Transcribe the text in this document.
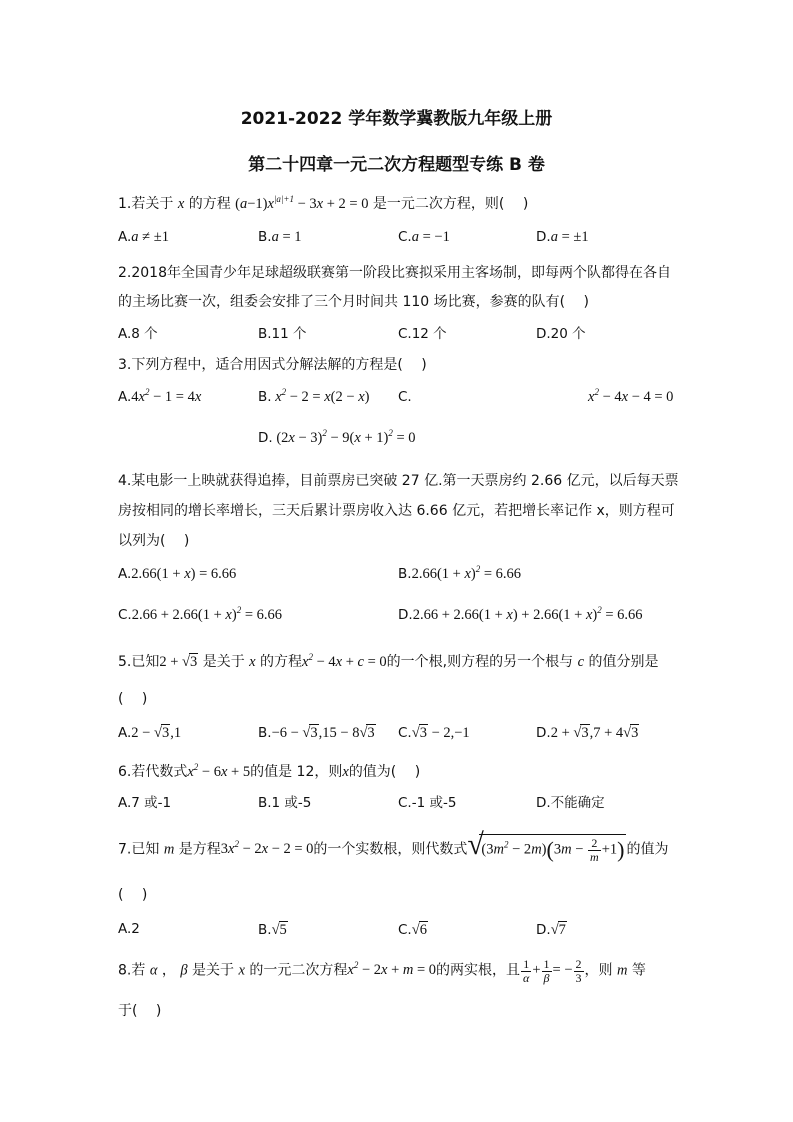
2021-2022 学年数学冀教版九年级上册
第二十四章一元二次方程题型专练 B 卷
1.若关于 x 的方程 $(a-1)x^{|a|+1} - 3x + 2 = 0$ 是一元二次方程，则(　 )
A.a ≠ ±1	B.a = 1	C.a = −1	D.a = ±1
2.2018年全国青少年足球超级联赛第一阶段比赛拟采用主客场制，即每两个队都得在各自
的主场比赛一次，组委会安排了三个月时间共 110 场比赛，参赛的队有(　 )
A.8 个	B.11 个	C.12 个	D.20 个
3.下列方程中，适合用因式分解法解的方程是(　 )
$A.4x^2 - 1 = 4x$	B. $x^2 - 2 = x(2 - x)$ C.	$x^2 - 4x - 4 = 0$
D. $(2x - 3)^2 - 9(x + 1)^2 = 0$
4.某电影一上映就获得追捧，目前票房已突破 27 亿.第一天票房约 2.66 亿元，以后每天票
房按相同的增长率增长，三天后累计票房收入达 6.66 亿元，若把增长率记作 x，则方程可
以列为(　 )
A.2.66(1 + x) = 6.66	$B.2.66(1 + x)^2 = 6.66$
$C.2.66 + 2.66(1 + x)^2 = 6.66$	$D.2.66 + 2.66(1 + x) + 2.66(1 + x)^2 = 6.66$
5.已知2 + √3 是关于 x 的方程$x^2 - 4x + c = 0$的一个根,则方程的另一个根与 c 的值分别是
(　 )
A.2 − √3,1	B.−6 − √3,15 − 8√3 C.√3 − 2,−1	D.2 + √3,7 + 4√3
6.若代数式$x^2 - 6x + 5$的值是 12，则x的值为(　 )
A.7 或-1	B.1 或-5	C.-1 或-5	D.不能确定
7.已知 m 是方程$3x^2 - 2x - 2 = 0$的一个实数根，则代数式 √
$(3m^2 - 2m)(3m - \frac{2}{m} +1)$ 的值为
(　 )
A.2	B.√5	C.√6	D.√7
8.若 α ， β 是关于 x 的一元二次方程$x^2 - 2x + m = 0$的两实根，且 $\frac{1}{\alpha} + \frac{1}{\beta}$ = − $\frac{2}{3}$ ，则 m 等
于(　 )
